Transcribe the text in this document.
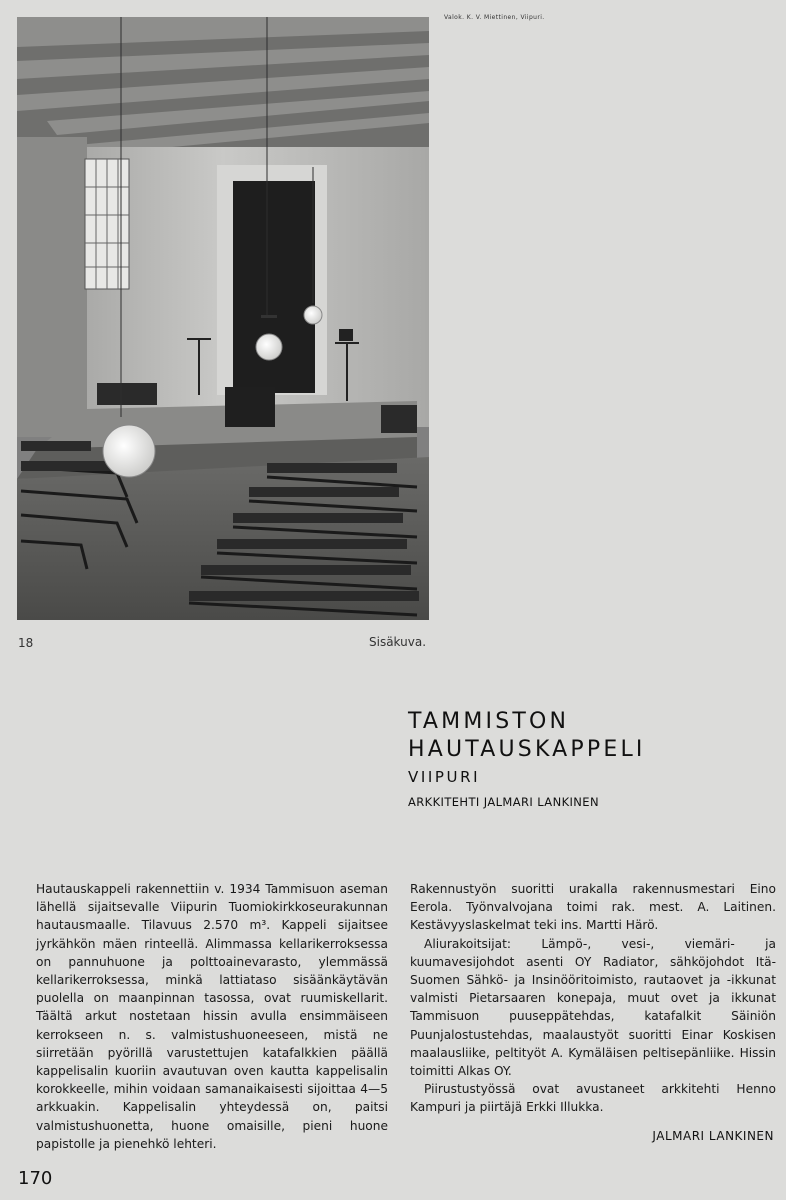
Valok. K. V. Miettinen, Viipuri.
18	Sisäkuva.
TAMMISTON
HAUTAUSKAPPELI
VIIPURI
ARKKITEHTI JALMARI LANKINEN

Hautauskappeli rakennettiin v. 1934 Tammisuon aseman lähellä sijaitsevalle Viipurin Tuomiokirkkoseurakunnan hautausmaalle. Tilavuus 2.570 m³. Kappeli sijaitsee jyrkähkön mäen rinteellä. Alimmassa kellarikerroksessa on pannuhuone ja polttoainevarasto, ylemmässä kellarikerroksessa, minkä lattiataso sisäänkäytävän puolella on maanpinnan tasossa, ovat ruumiskellarit. Täältä arkut nostetaan hissin avulla ensimmäiseen kerrokseen n. s. valmistushuoneeseen, mistä ne siirretään pyörillä varustettujen katafalkkien päällä kappelisalin kuoriin avautuvan oven kautta kappelisalin korokkeelle, mihin voidaan samanaikaisesti sijoittaa 4—5 arkkuakin. Kappelisalin yhteydessä on, paitsi valmistushuonetta, huone omaisille, pieni huone papistolle ja pienehkö lehteri.

Rakennustyön suoritti urakalla rakennusmestari Eino Eerola. Työnvalvojana toimi rak. mest. A. Laitinen. Kestävyyslaskelmat teki ins. Martti Härö.

Aliurakoitsijat: Lämpö-, vesi-, viemäri- ja kuumavesijohdot asenti OY Radiator, sähköjohdot Itä-Suomen Sähkö- ja Insinööritoimisto, rautaovet ja -ikkunat valmisti Pietarsaaren konepaja, muut ovet ja ikkunat Tammisuon puuseppätehdas, katafalkit Säiniön Puunjalostustehdas, maalaustyöt suoritti Einar Koskisen maalausliike, peltityöt A. Kymäläisen peltisepänliike. Hissin toimitti Alkas OY.

Piirustustyössä ovat avustaneet arkkitehti Henno Kampuri ja piirtäjä Erkki Illukka.

JALMARI LANKINEN
170
